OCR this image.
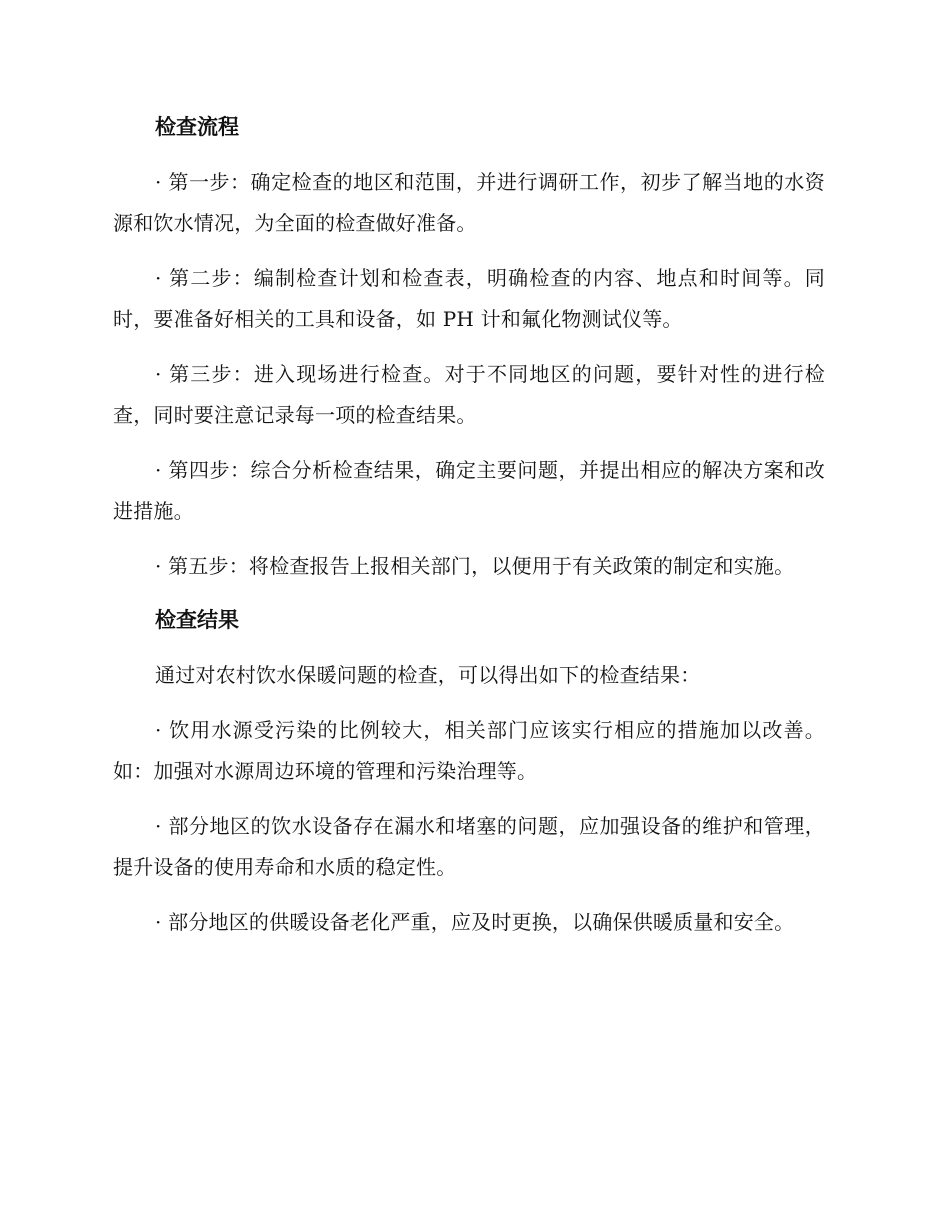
检查流程

· 第一步：确定检查的地区和范围，并进行调研工作，初步了解当地的水资源和饮水情况，为全面的检查做好准备。

· 第二步：编制检查计划和检查表，明确检查的内容、地点和时间等。同时，要准备好相关的工具和设备，如 PH 计和氟化物测试仪等。

· 第三步：进入现场进行检查。对于不同地区的问题，要针对性的进行检查，同时要注意记录每一项的检查结果。

· 第四步：综合分析检查结果，确定主要问题，并提出相应的解决方案和改进措施。

· 第五步：将检查报告上报相关部门，以便用于有关政策的制定和实施。

检查结果

通过对农村饮水保暖问题的检查，可以得出如下的检查结果：

· 饮用水源受污染的比例较大，相关部门应该实行相应的措施加以改善。如：加强对水源周边环境的管理和污染治理等。

· 部分地区的饮水设备存在漏水和堵塞的问题，应加强设备的维护和管理，提升设备的使用寿命和水质的稳定性。

· 部分地区的供暖设备老化严重，应及时更换，以确保供暖质量和安全。
